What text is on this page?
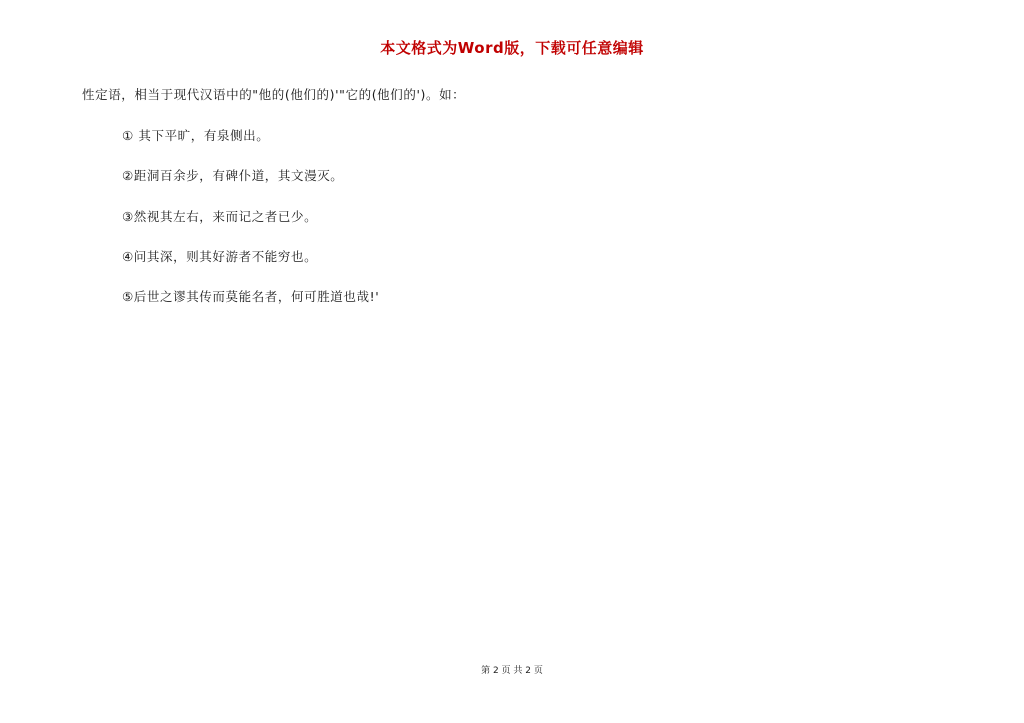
本文格式为Word版，下载可任意编辑
性定语，相当于现代汉语中的"他的(他们的)'"它的(他们的')。如：
① 其下平旷，有泉侧出。
②距洞百余步，有碑仆道，其文漫灭。
③然视其左右，来而记之者已少。
④问其深，则其好游者不能穷也。
⑤后世之谬其传而莫能名者，何可胜道也哉!'
第 2 页 共 2 页
